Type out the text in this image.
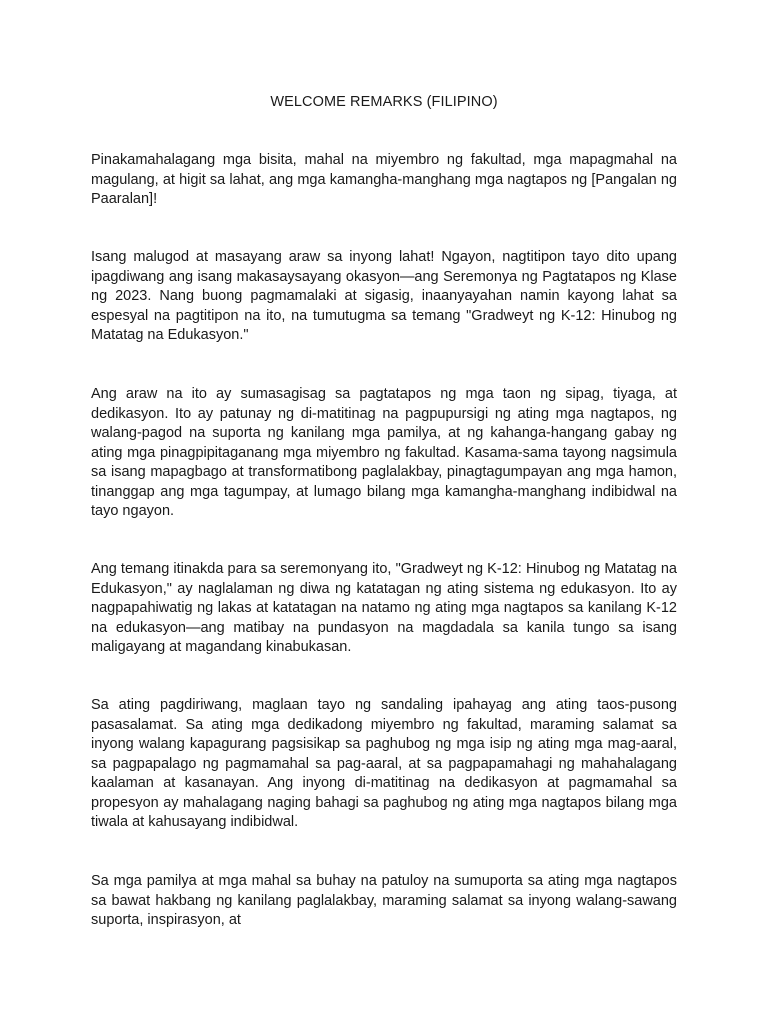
WELCOME REMARKS (FILIPINO)

Pinakamahalagang mga bisita, mahal na miyembro ng fakultad, mga mapagmahal na magulang, at higit sa lahat, ang mga kamangha-manghang mga nagtapos ng [Pangalan ng Paaralan]!

Isang malugod at masayang araw sa inyong lahat! Ngayon, nagtitipon tayo dito upang ipagdiwang ang isang makasaysayang okasyon—ang Seremonya ng Pagtatapos ng Klase ng 2023. Nang buong pagmamalaki at sigasig, inaanyayahan namin kayong lahat sa espesyal na pagtitipon na ito, na tumutugma sa temang "Gradweyt ng K-12: Hinubog ng Matatag na Edukasyon."

Ang araw na ito ay sumasagisag sa pagtatapos ng mga taon ng sipag, tiyaga, at dedikasyon. Ito ay patunay ng di-matitinag na pagpupursigi ng ating mga nagtapos, ng walang-pagod na suporta ng kanilang mga pamilya, at ng kahanga-hangang gabay ng ating mga pinagpipitaganang mga miyembro ng fakultad. Kasama-sama tayong nagsimula sa isang mapagbago at transformatibong paglalakbay, pinagtagumpayan ang mga hamon, tinanggap ang mga tagumpay, at lumago bilang mga kamangha-manghang indibidwal na tayo ngayon.

Ang temang itinakda para sa seremonyang ito, "Gradweyt ng K-12: Hinubog ng Matatag na Edukasyon," ay naglalaman ng diwa ng katatagan ng ating sistema ng edukasyon. Ito ay nagpapahiwatig ng lakas at katatagan na natamo ng ating mga nagtapos sa kanilang K-12 na edukasyon—ang matibay na pundasyon na magdadala sa kanila tungo sa isang maligayang at magandang kinabukasan.

Sa ating pagdiriwang, maglaan tayo ng sandaling ipahayag ang ating taos-pusong pasasalamat. Sa ating mga dedikadong miyembro ng fakultad, maraming salamat sa inyong walang kapagurang pagsisikap sa paghubog ng mga isip ng ating mga mag-aaral, sa pagpapalago ng pagmamahal sa pag-aaral, at sa pagpapamahagi ng mahahalagang kaalaman at kasanayan. Ang inyong di-matitinag na dedikasyon at pagmamahal sa propesyon ay mahalagang naging bahagi sa paghubog ng ating mga nagtapos bilang mga tiwala at kahusayang indibidwal.

Sa mga pamilya at mga mahal sa buhay na patuloy na sumuporta sa ating mga nagtapos sa bawat hakbang ng kanilang paglalakbay, maraming salamat sa inyong walang-sawang suporta, inspirasyon, at
